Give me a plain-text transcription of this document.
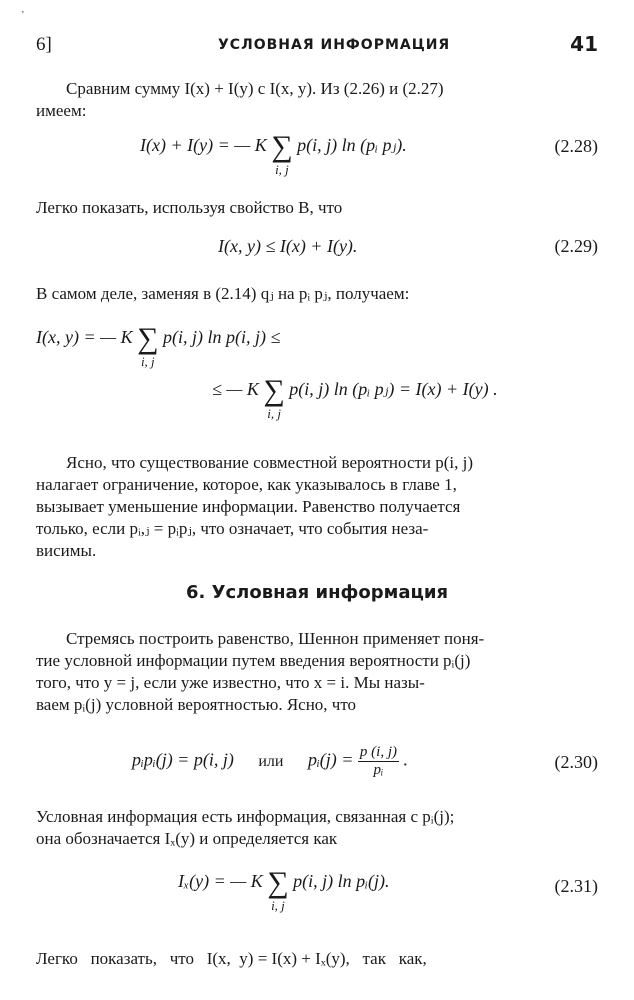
'
6]	УСЛОВНАЯ ИНФОРМАЦИЯ	41
Сравним сумму I(x) + I(y) с I(x, y). Из (2.26) и (2.27)
имеем:
I(x) + I(y) = — K ∑
i, j
p(i, j) ln (pᵢ pⱼ).	(2.28)
Легко показать, используя свойство B, что
I(x, y) ≤ I(x) + I(y).	(2.29)
В самом деле, заменяя в (2.14) qⱼ на pᵢ pⱼ, получаем:
I(x, y) = — K ∑
i, j
p(i, j) ln p(i, j) ≤
≤ — K ∑
i, j
p(i, j) ln (pᵢ pⱼ) = I(x) + I(y) .
Ясно, что существование совместной вероятности p(i, j)
налагает ограничение, которое, как указывалось в главе 1,
вызывает уменьшение информации. Равенство получается
только, если pᵢ,ⱼ = pᵢpⱼ, что означает, что события неза-
висимы.
6. Условная информация
Стремясь построить равенство, Шеннон применяет поня-
тие условной информации путем введения вероятности pᵢ(j)
того, что y = j, если уже известно, что x = i. Мы назы-
ваем pᵢ(j) условной вероятностью. Ясно, что
pᵢpᵢ(j) = p(i, j) или pᵢ(j) = $\frac{p (i, j)}{\text{pᵢ}}$ .	(2.30)
Условная информация есть информация, связанная с pᵢ(j);
она обозначается Iₓ(y) и определяется как
Iₓ(y) = — K ∑
i, j
p(i, j) ln pᵢ(j).	(2.31)
Легко   показать,   что   I(x,  y) = I(x) + Iₓ(y),   так   как,
